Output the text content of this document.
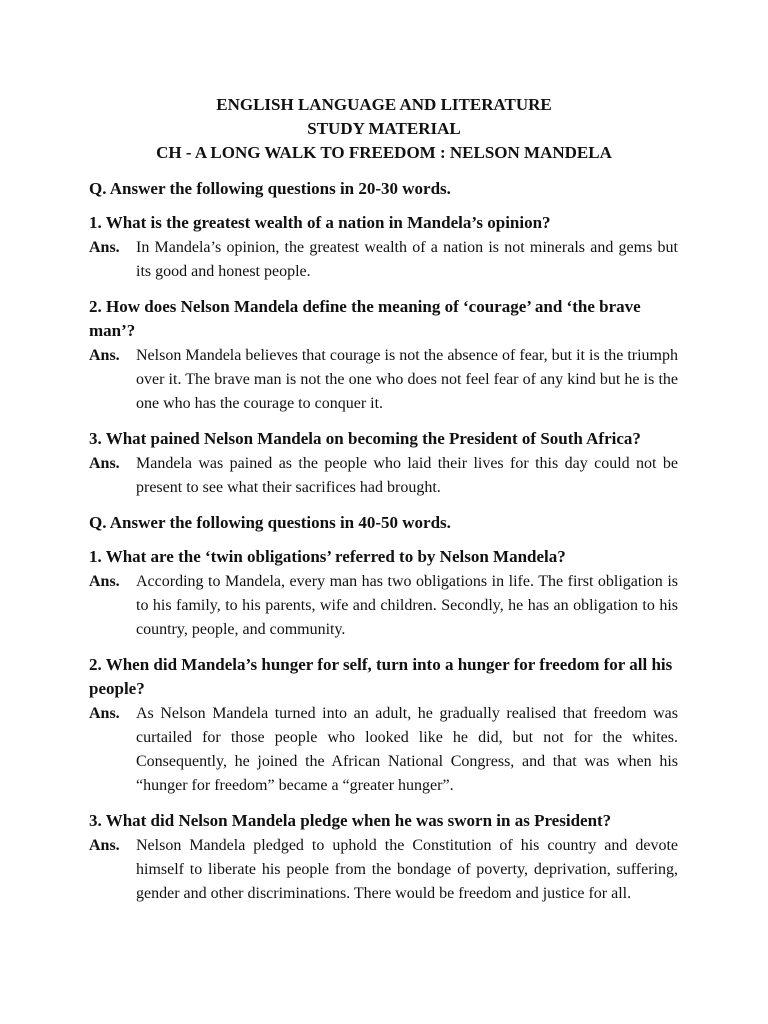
ENGLISH LANGUAGE AND LITERATURE
STUDY MATERIAL
CH - A LONG WALK TO FREEDOM : NELSON MANDELA
Q. Answer the following questions in 20-30 words.
1. What is the greatest wealth of a nation in Mandela’s opinion?
Ans.	In Mandela’s opinion, the greatest wealth of a nation is not minerals and gems but its good and honest people.
2. How does Nelson Mandela define the meaning of ‘courage’ and ‘the brave man’?
Ans.	Nelson Mandela believes that courage is not the absence of fear, but it is the triumph over it. The brave man is not the one who does not feel fear of any kind but he is the one who has the courage to conquer it.
3. What pained Nelson Mandela on becoming the President of South Africa?
Ans.	Mandela was pained as the people who laid their lives for this day could not be present to see what their sacrifices had brought.
Q. Answer the following questions in 40-50 words.
1. What are the ‘twin obligations’ referred to by Nelson Mandela?
Ans.	According to Mandela, every man has two obligations in life. The first obligation is to his family, to his parents, wife and children. Secondly, he has an obligation to his country, people, and community.
2. When did Mandela’s hunger for self, turn into a hunger for freedom for all his people?
Ans.	As Nelson Mandela turned into an adult, he gradually realised that freedom was curtailed for those people who looked like he did, but not for the whites. Consequently, he joined the African National Congress, and that was when his “hunger for freedom” became a “greater hunger”.
3. What did Nelson Mandela pledge when he was sworn in as President?
Ans.	Nelson Mandela pledged to uphold the Constitution of his country and devote himself to liberate his people from the bondage of poverty, deprivation, suffering, gender and other discriminations. There would be freedom and justice for all.
